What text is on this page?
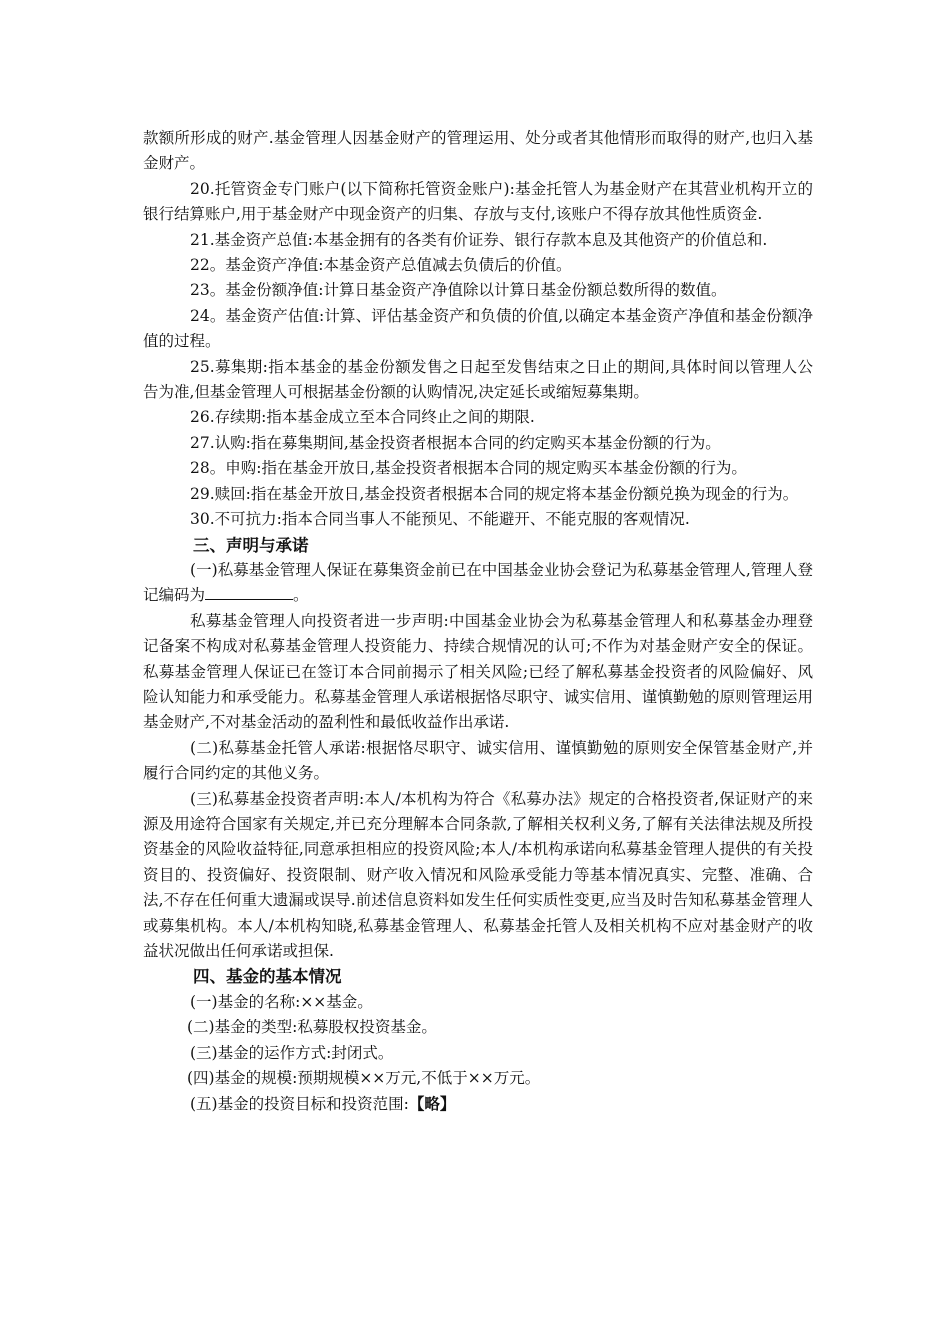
款额所形成的财产.基金管理人因基金财产的管理运用、处分或者其他情形而取得的财产,也归入基金财产。

20.托管资金专门账户(以下简称托管资金账户):基金托管人为基金财产在其营业机构开立的银行结算账户,用于基金财产中现金资产的归集、存放与支付,该账户不得存放其他性质资金.

21.基金资产总值:本基金拥有的各类有价证券、银行存款本息及其他资产的价值总和.

22。基金资产净值:本基金资产总值减去负债后的价值。

23。基金份额净值:计算日基金资产净值除以计算日基金份额总数所得的数值。

24。基金资产估值:计算、评估基金资产和负债的价值,以确定本基金资产净值和基金份额净值的过程。

25.募集期:指本基金的基金份额发售之日起至发售结束之日止的期间,具体时间以管理人公告为准,但基金管理人可根据基金份额的认购情况,决定延长或缩短募集期。

26.存续期:指本基金成立至本合同终止之间的期限.

27.认购:指在募集期间,基金投资者根据本合同的约定购买本基金份额的行为。

28。申购:指在基金开放日,基金投资者根据本合同的规定购买本基金份额的行为。

29.赎回:指在基金开放日,基金投资者根据本合同的规定将本基金份额兑换为现金的行为。

30.不可抗力:指本合同当事人不能预见、不能避开、不能克服的客观情况.

三、声明与承诺

(一)私募基金管理人保证在募集资金前已在中国基金业协会登记为私募基金管理人,管理人登记编码为	。

私募基金管理人向投资者进一步声明:中国基金业协会为私募基金管理人和私募基金办理登记备案不构成对私募基金管理人投资能力、持续合规情况的认可;不作为对基金财产安全的保证。私募基金管理人保证已在签订本合同前揭示了相关风险;已经了解私募基金投资者的风险偏好、风险认知能力和承受能力。私募基金管理人承诺根据恪尽职守、诚实信用、谨慎勤勉的原则管理运用基金财产,不对基金活动的盈利性和最低收益作出承诺.

(二)私募基金托管人承诺:根据恪尽职守、诚实信用、谨慎勤勉的原则安全保管基金财产,并履行合同约定的其他义务。

(三)私募基金投资者声明:本人/本机构为符合《私募办法》规定的合格投资者,保证财产的来源及用途符合国家有关规定,并已充分理解本合同条款,了解相关权利义务,了解有关法律法规及所投资基金的风险收益特征,同意承担相应的投资风险;本人/本机构承诺向私募基金管理人提供的有关投资目的、投资偏好、投资限制、财产收入情况和风险承受能力等基本情况真实、完整、准确、合法,不存在任何重大遗漏或误导.前述信息资料如发生任何实质性变更,应当及时告知私募基金管理人或募集机构。本人/本机构知晓,私募基金管理人、私募基金托管人及相关机构不应对基金财产的收益状况做出任何承诺或担保.

四、基金的基本情况

(一)基金的名称:××基金。

(二)基金的类型:私募股权投资基金。

(三)基金的运作方式:封闭式。

(四)基金的规模:预期规模××万元,不低于××万元。

(五)基金的投资目标和投资范围:【略】
